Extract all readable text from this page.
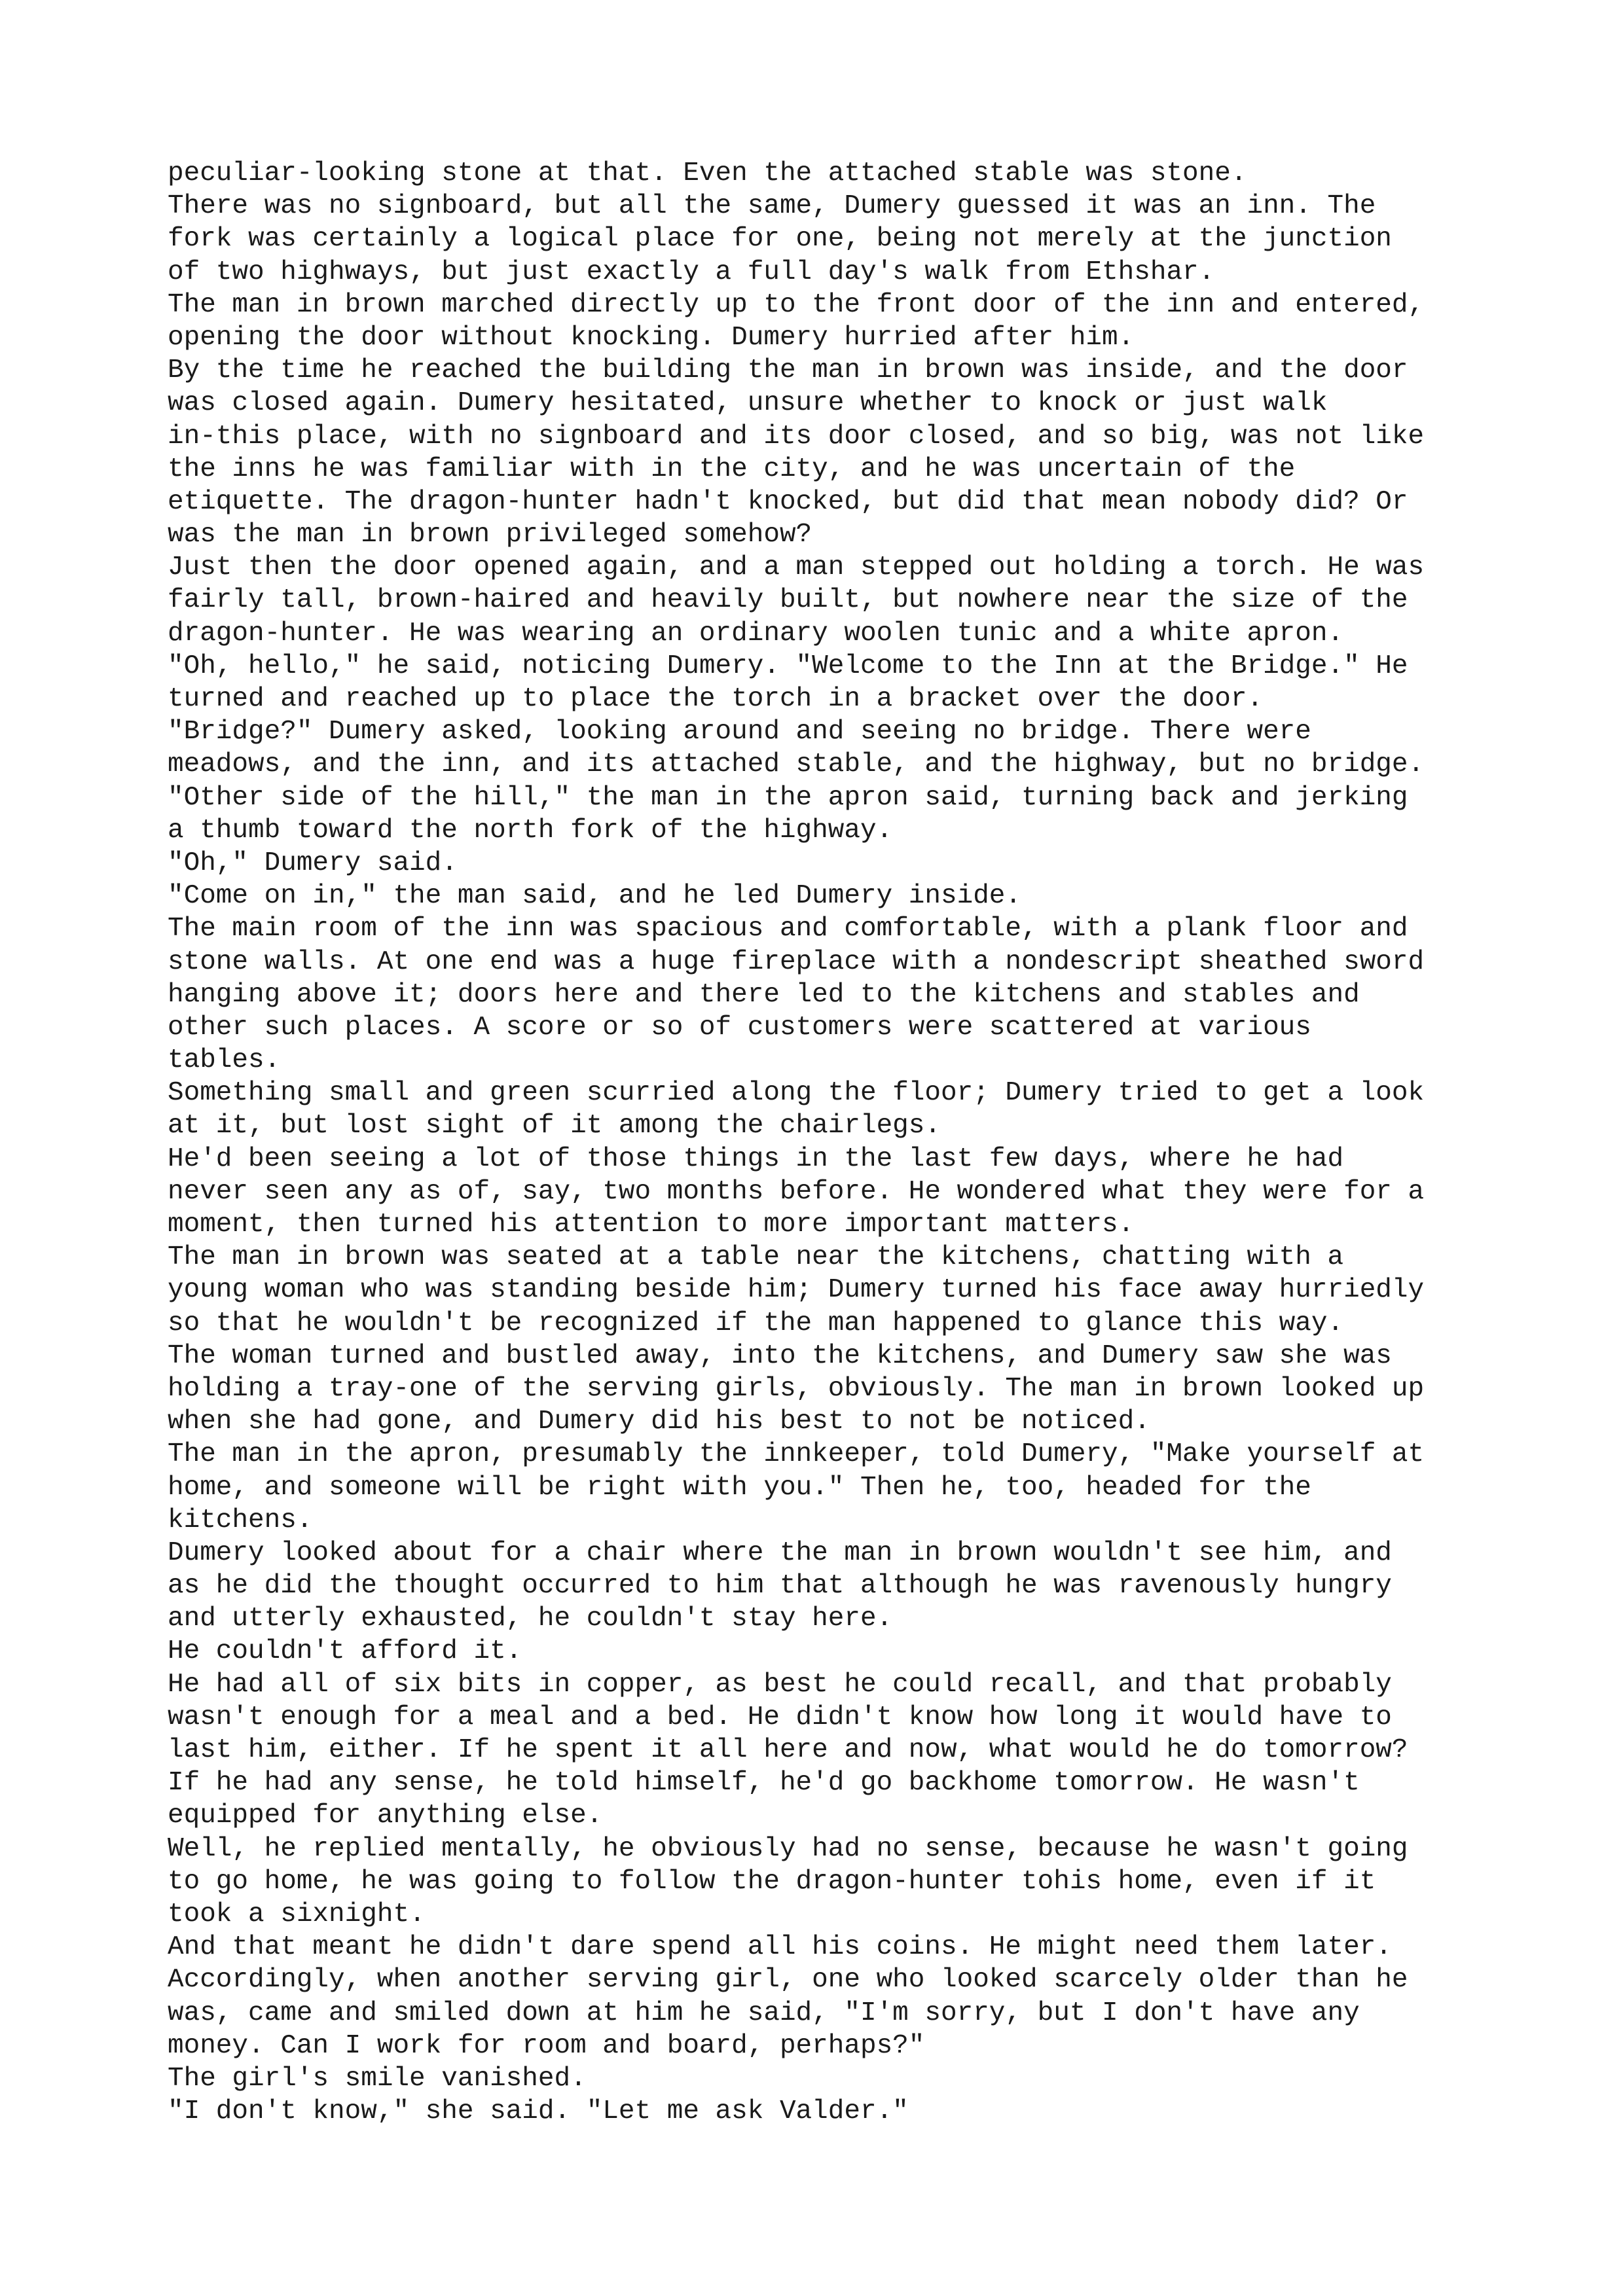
peculiar-looking stone at that. Even the attached stable was stone.
There was no signboard, but all the same, Dumery guessed it was an inn. The
fork was certainly a logical place for one, being not merely at the junction
of two highways, but just exactly a full day's walk from Ethshar.
The man in brown marched directly up to the front door of the inn and entered,
opening the door without knocking. Dumery hurried after him.
By the time he reached the building the man in brown was inside, and the door
was closed again. Dumery hesitated, unsure whether to knock or just walk
in-this place, with no signboard and its door closed, and so big, was not like
the inns he was familiar with in the city, and he was uncertain of the
etiquette. The dragon-hunter hadn't knocked, but did that mean nobody did? Or
was the man in brown privileged somehow?
Just then the door opened again, and a man stepped out holding a torch. He was
fairly tall, brown-haired and heavily built, but nowhere near the size of the
dragon-hunter. He was wearing an ordinary woolen tunic and a white apron.
"Oh, hello," he said, noticing Dumery. "Welcome to the Inn at the Bridge." He
turned and reached up to place the torch in a bracket over the door.
"Bridge?" Dumery asked, looking around and seeing no bridge. There were
meadows, and the inn, and its attached stable, and the highway, but no bridge.
"Other side of the hill," the man in the apron said, turning back and jerking
a thumb toward the north fork of the highway.
"Oh," Dumery said.
"Come on in," the man said, and he led Dumery inside.
The main room of the inn was spacious and comfortable, with a plank floor and
stone walls. At one end was a huge fireplace with a nondescript sheathed sword
hanging above it; doors here and there led to the kitchens and stables and
other such places. A score or so of customers were scattered at various
tables.
Something small and green scurried along the floor; Dumery tried to get a look
at it, but lost sight of it among the chairlegs.
He'd been seeing a lot of those things in the last few days, where he had
never seen any as of, say, two months before. He wondered what they were for a
moment, then turned his attention to more important matters.
The man in brown was seated at a table near the kitchens, chatting with a
young woman who was standing beside him; Dumery turned his face away hurriedly
so that he wouldn't be recognized if the man happened to glance this way.
The woman turned and bustled away, into the kitchens, and Dumery saw she was
holding a tray-one of the serving girls, obviously. The man in brown looked up
when she had gone, and Dumery did his best to not be noticed.
The man in the apron, presumably the innkeeper, told Dumery, "Make yourself at
home, and someone will be right with you." Then he, too, headed for the
kitchens.
Dumery looked about for a chair where the man in brown wouldn't see him, and
as he did the thought occurred to him that although he was ravenously hungry
and utterly exhausted, he couldn't stay here.
He couldn't afford it.
He had all of six bits in copper, as best he could recall, and that probably
wasn't enough for a meal and a bed. He didn't know how long it would have to
last him, either. If he spent it all here and now, what would he do tomorrow?
If he had any sense, he told himself, he'd go backhome tomorrow. He wasn't
equipped for anything else.
Well, he replied mentally, he obviously had no sense, because he wasn't going
to go home, he was going to follow the dragon-hunter tohis home, even if it
took a sixnight.
And that meant he didn't dare spend all his coins. He might need them later.
Accordingly, when another serving girl, one who looked scarcely older than he
was, came and smiled down at him he said, "I'm sorry, but I don't have any
money. Can I work for room and board, perhaps?"
The girl's smile vanished.
"I don't know," she said. "Let me ask Valder."
